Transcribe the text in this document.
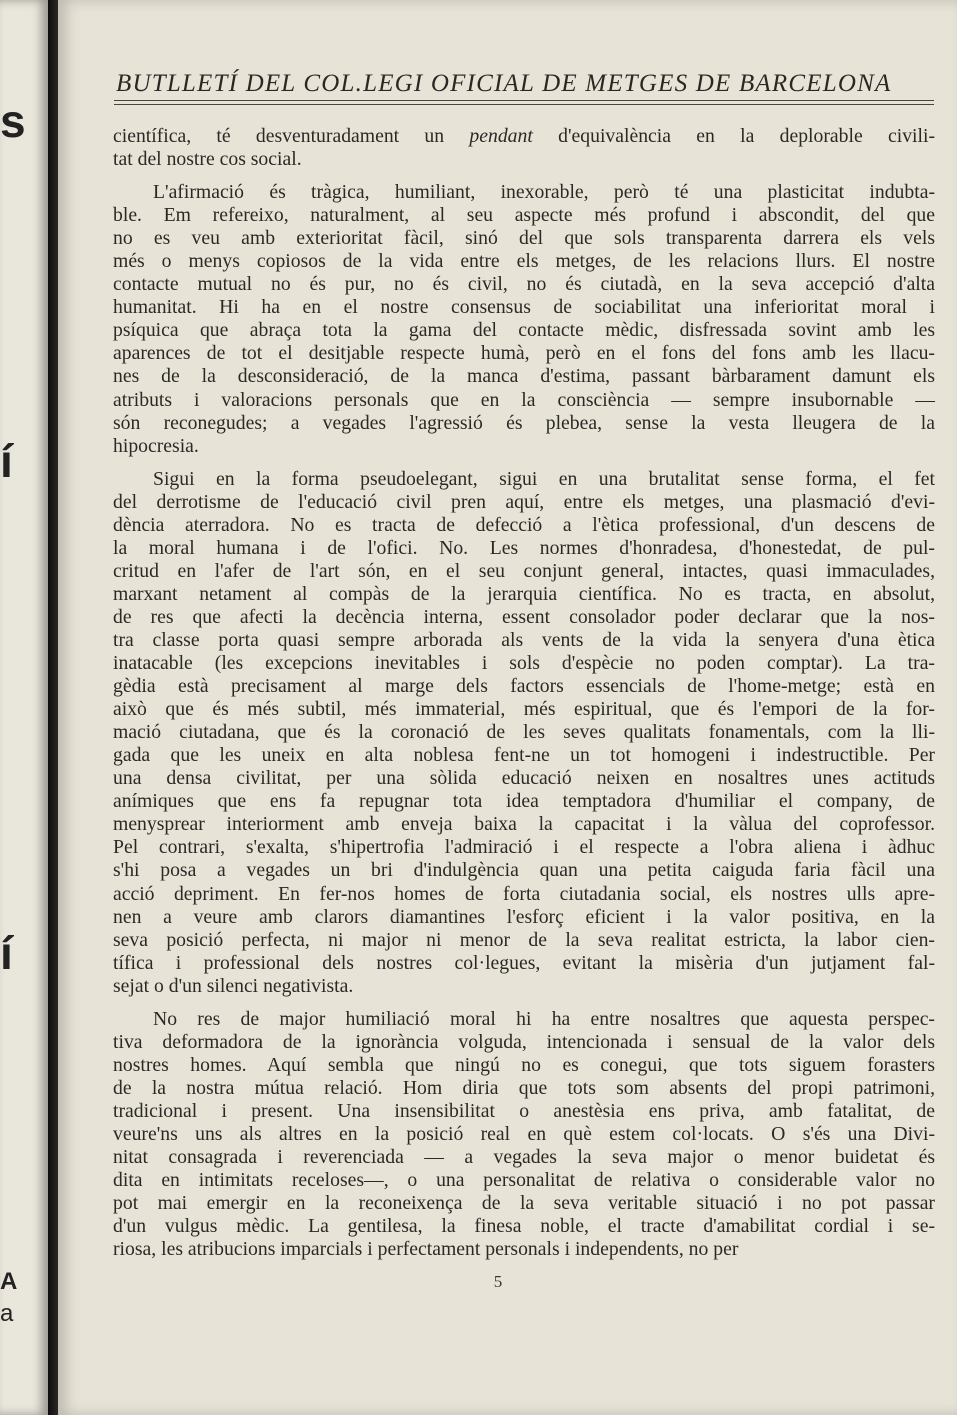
s
í
í
A
a
BUTLLETÍ DEL COL.LEGI OFICIAL DE METGES DE BARCELONA

científica, té desventuradament un pendant d'equivalència en la deplorable civili-
tat del nostre cos social.

L'afirmació és tràgica, humiliant, inexorable, però té una plasticitat indubta-
ble. Em refereixo, naturalment, al seu aspecte més profund i abscondit, del que
no es veu amb exterioritat fàcil, sinó del que sols transparenta darrera els vels
més o menys copiosos de la vida entre els metges, de les relacions llurs. El nostre
contacte mutual no és pur, no és civil, no és ciutadà, en la seva accepció d'alta
humanitat. Hi ha en el nostre consensus de sociabilitat una inferioritat moral i
psíquica que abraça tota la gama del contacte mèdic, disfressada sovint amb les
aparences de tot el desitjable respecte humà, però en el fons del fons amb les llacu-
nes de la desconsideració, de la manca d'estima, passant bàrbarament damunt els
atributs i valoracions personals que en la consciència — sempre insubornable —
són reconegudes; a vegades l'agressió és plebea, sense la vesta lleugera de la
hipocresia.

Sigui en la forma pseudoelegant, sigui en una brutalitat sense forma, el fet
del derrotisme de l'educació civil pren aquí, entre els metges, una plasmació d'evi-
dència aterradora. No es tracta de defecció a l'ètica professional, d'un descens de
la moral humana i de l'ofici. No. Les normes d'honradesa, d'honestedat, de pul-
critud en l'afer de l'art són, en el seu conjunt general, intactes, quasi immaculades,
marxant netament al compàs de la jerarquia científica. No es tracta, en absolut,
de res que afecti la decència interna, essent consolador poder declarar que la nos-
tra classe porta quasi sempre arborada als vents de la vida la senyera d'una ètica
inatacable (les excepcions inevitables i sols d'espècie no poden comptar). La tra-
gèdia està precisament al marge dels factors essencials de l'home-metge; està en
això que és més subtil, més immaterial, més espiritual, que és l'empori de la for-
mació ciutadana, que és la coronació de les seves qualitats fonamentals, com la lli-
gada que les uneix en alta noblesa fent-ne un tot homogeni i indestructible. Per
una densa civilitat, per una sòlida educació neixen en nosaltres unes actituds
anímiques que ens fa repugnar tota idea temptadora d'humiliar el company, de
menysprear interiorment amb enveja baixa la capacitat i la vàlua del coprofessor.
Pel contrari, s'exalta, s'hipertrofia l'admiració i el respecte a l'obra aliena i àdhuc
s'hi posa a vegades un bri d'indulgència quan una petita caiguda faria fàcil una
acció depriment. En fer-nos homes de forta ciutadania social, els nostres ulls apre-
nen a veure amb clarors diamantines l'esforç eficient i la valor positiva, en la
seva posició perfecta, ni major ni menor de la seva realitat estricta, la labor cien-
tífica i professional dels nostres col·legues, evitant la misèria d'un jutjament fal-
sejat o d'un silenci negativista.

No res de major humiliació moral hi ha entre nosaltres que aquesta perspec-
tiva deformadora de la ignorància volguda, intencionada i sensual de la valor dels
nostres homes. Aquí sembla que ningú no es conegui, que tots siguem forasters
de la nostra mútua relació. Hom diria que tots som absents del propi patrimoni,
tradicional i present. Una insensibilitat o anestèsia ens priva, amb fatalitat, de
veure'ns uns als altres en la posició real en què estem col·locats. O s'és una Divi-
nitat consagrada i reverenciada — a vegades la seva major o menor buidetat és
dita en intimitats receloses—, o una personalitat de relativa o considerable valor no
pot mai emergir en la reconeixença de la seva veritable situació i no pot passar
d'un vulgus mèdic. La gentilesa, la finesa noble, el tracte d'amabilitat cordial i se-
riosa, les atribucions imparcials i perfectament personals i independents, no per

5
